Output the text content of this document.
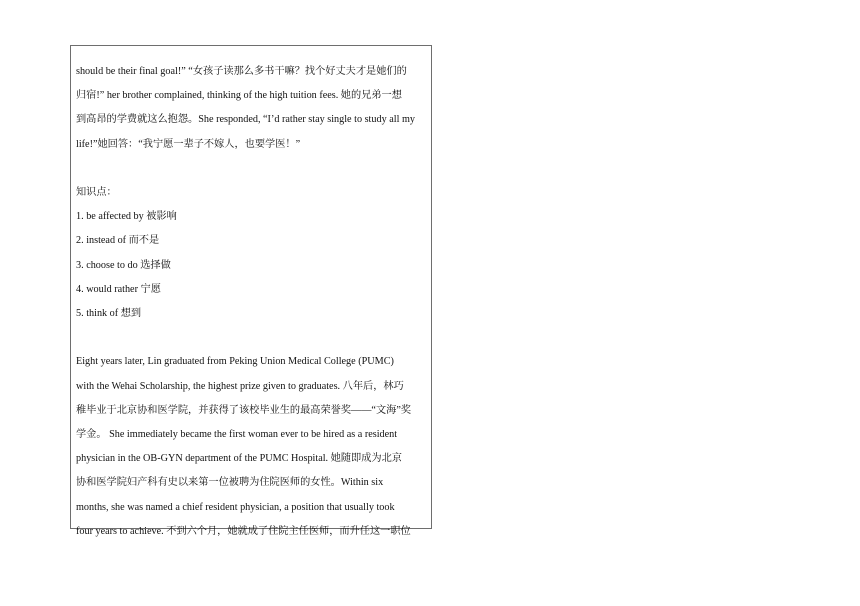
should be their final goal!” “女孩子读那么多书干嘛？找个好丈夫才是她们的

归宿!” her brother complained, thinking of the high tuition fees. 她的兄弟一想

到高昂的学费就这么抱怨。She responded, “I’d rather stay single to study all my

life!”她回答：“我宁愿一辈子不嫁人，也要学医！”

知识点：

1. be affected by 被影响

2. instead of 而不是

3. choose to do 选择做

4. would rather 宁愿

5. think of 想到

Eight years later, Lin graduated from Peking Union Medical College (PUMC)

with the Wehai Scholarship, the highest prize given to graduates. 八年后，林巧

稚毕业于北京协和医学院，并获得了该校毕业生的最高荣誉奖——“文海”奖

学金。 She immediately became the first woman ever to be hired as a resident

physician in the OB-GYN department of the PUMC Hospital. 她随即成为北京

协和医学院妇产科有史以来第一位被聘为住院医师的女性。Within six

months, she was named a chief resident physician, a position that usually took

four years to achieve. 不到六个月，她就成了住院主任医师，而升任这一职位
